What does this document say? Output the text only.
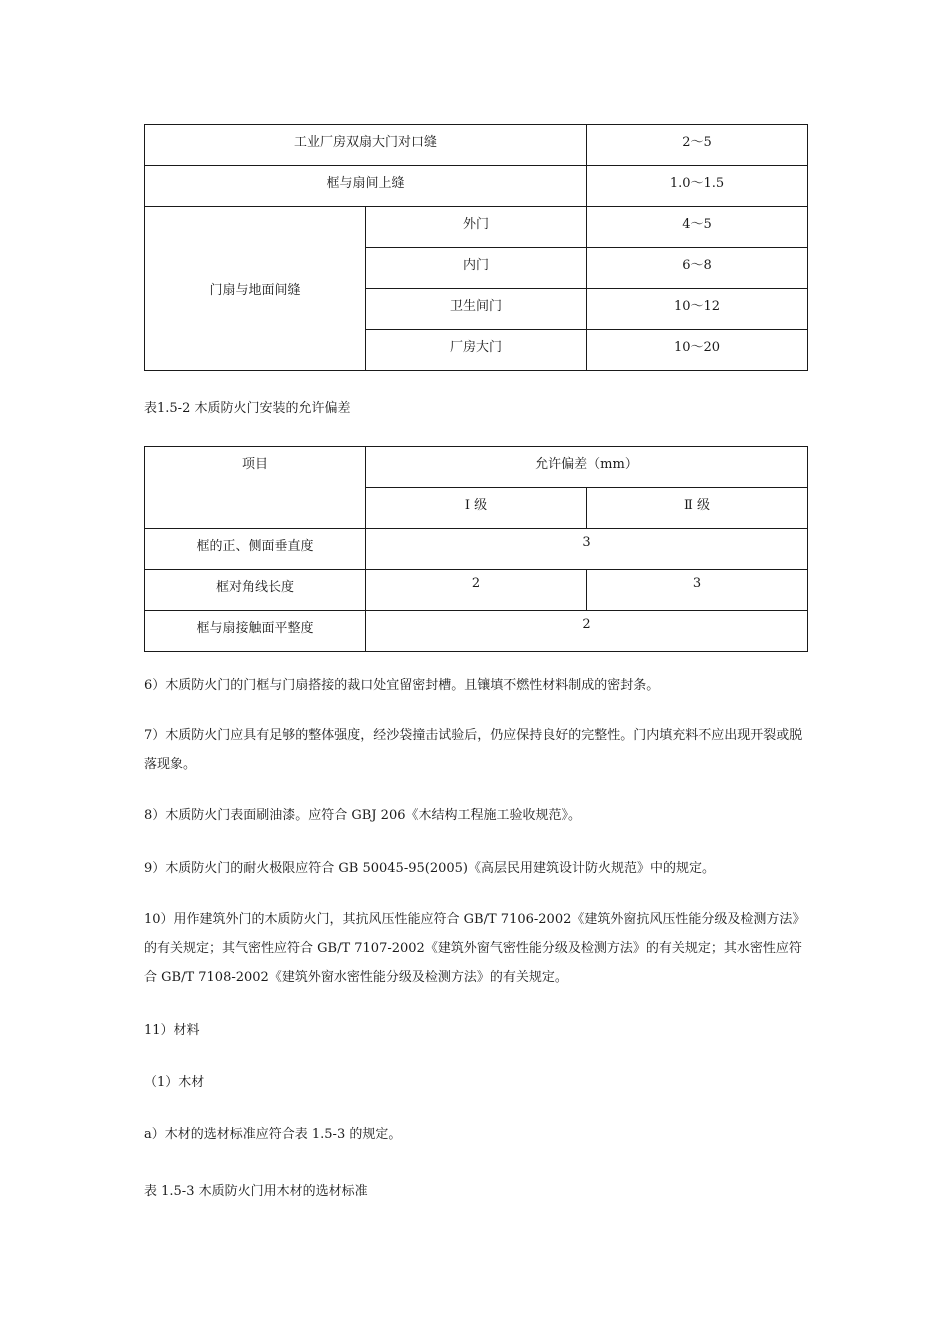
工业厂房双扇大门对口缝		2～5
框与扇间上缝		1.0～1.5
门扇与地面间缝	外门	4～5
	内门	6～8
	卫生间门	10～12
	厂房大门	10～20
表1.5-2 木质防火门安装的允许偏差
项目	允许偏差（mm）	
	Ⅰ 级	Ⅱ 级
框的正、侧面垂直度	3	
框对角线长度	2	3
框与扇接触面平整度	2	
6）木质防火门的门框与门扇搭接的裁口处宜留密封槽。且镶填不燃性材料制成的密封条。
7）木质防火门应具有足够的整体强度，经沙袋撞击试验后，仍应保持良好的完整性。门内填充料不应出现开裂或脱落现象。
8）木质防火门表面刷油漆。应符合 GBJ 206《木结构工程施工验收规范》。
9）木质防火门的耐火极限应符合 GB 50045-95(2005)《高层民用建筑设计防火规范》中的规定。
10）用作建筑外门的木质防火门，其抗风压性能应符合 GB/T 7106-2002《建筑外窗抗风压性能分级及检测方法》的有关规定；其气密性应符合 GB/T 7107-2002《建筑外窗气密性能分级及检测方法》的有关规定；其水密性应符合 GB/T 7108-2002《建筑外窗水密性能分级及检测方法》的有关规定。
11）材料
（1）木材
a）木材的选材标准应符合表 1.5-3 的规定。
表 1.5-3 木质防火门用木材的选材标准
